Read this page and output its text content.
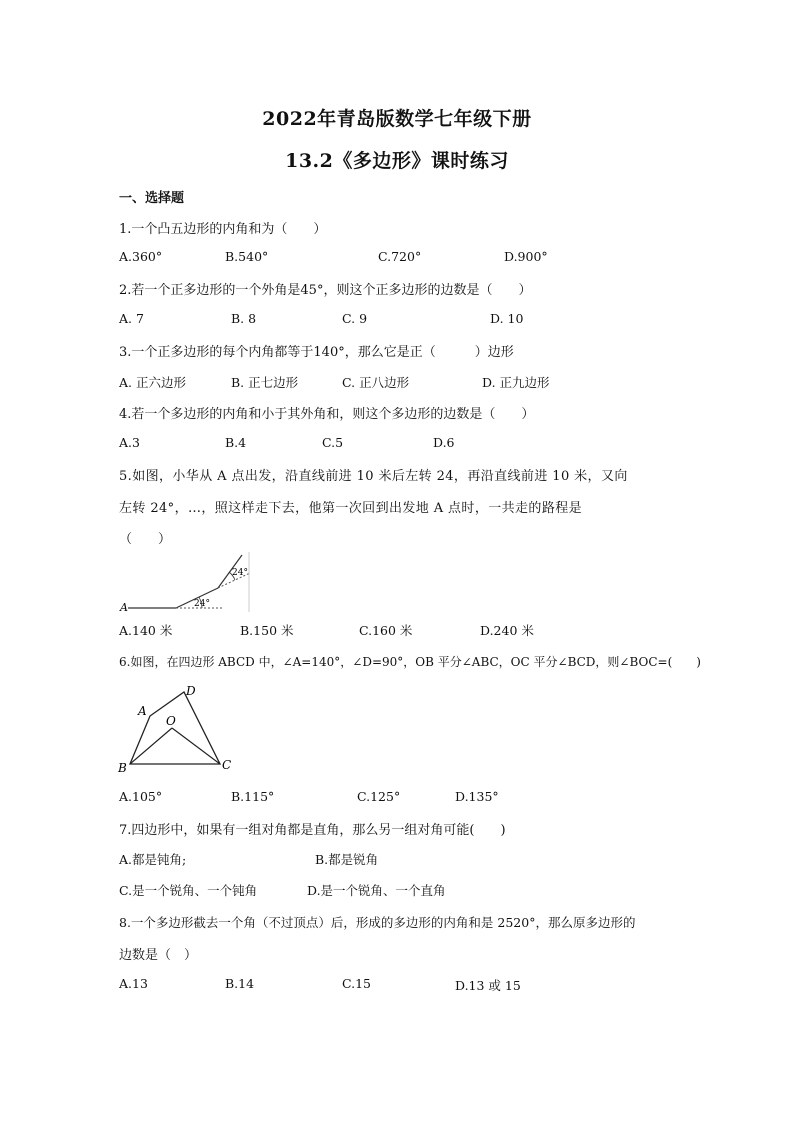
2022年青岛版数学七年级下册
13.2《多边形》课时练习
一、选择题
1.一个凸五边形的内角和为（　　）
A.360°	B.540°	C.720°	D.900°
2.若一个正多边形的一个外角是45°，则这个正多边形的边数是（　　）
A. 7	B. 8	C. 9	D. 10
3.一个正多边形的每个内角都等于140°，那么它是正（　　　）边形
A. 正六边形	B. 正七边形	C. 正八边形	D. 正九边形
4.若一个多边形的内角和小于其外角和，则这个多边形的边数是（　　）
A.3	B.4	C.5	D.6
5.如图，小华从 A 点出发，沿直线前进 10 米后左转 24，再沿直线前进 10 米，又向
左转 24°，…，照这样走下去，他第一次回到出发地 A 点时，一共走的路程是
（　　）
A	24°
24°
A.140 米	B.150 米	C.160 米	D.240 米
6.如图，在四边形 ABCD 中，∠A=140°，∠D=90°，OB 平分∠ABC，OC 平分∠BCD，则∠BOC=(　　)
A
D
O
B	C
A.105°	B.115°	C.125°	D.135°
7.四边形中，如果有一组对角都是直角，那么另一组对角可能(　　)
A.都是钝角;	B.都是锐角
C.是一个锐角、一个钝角	D.是一个锐角、一个直角
8.一个多边形截去一个角（不过顶点）后，形成的多边形的内角和是 2520°，那么原多边形的
边数是（　）
A.13	B.14	C.15	D.13 或 15
